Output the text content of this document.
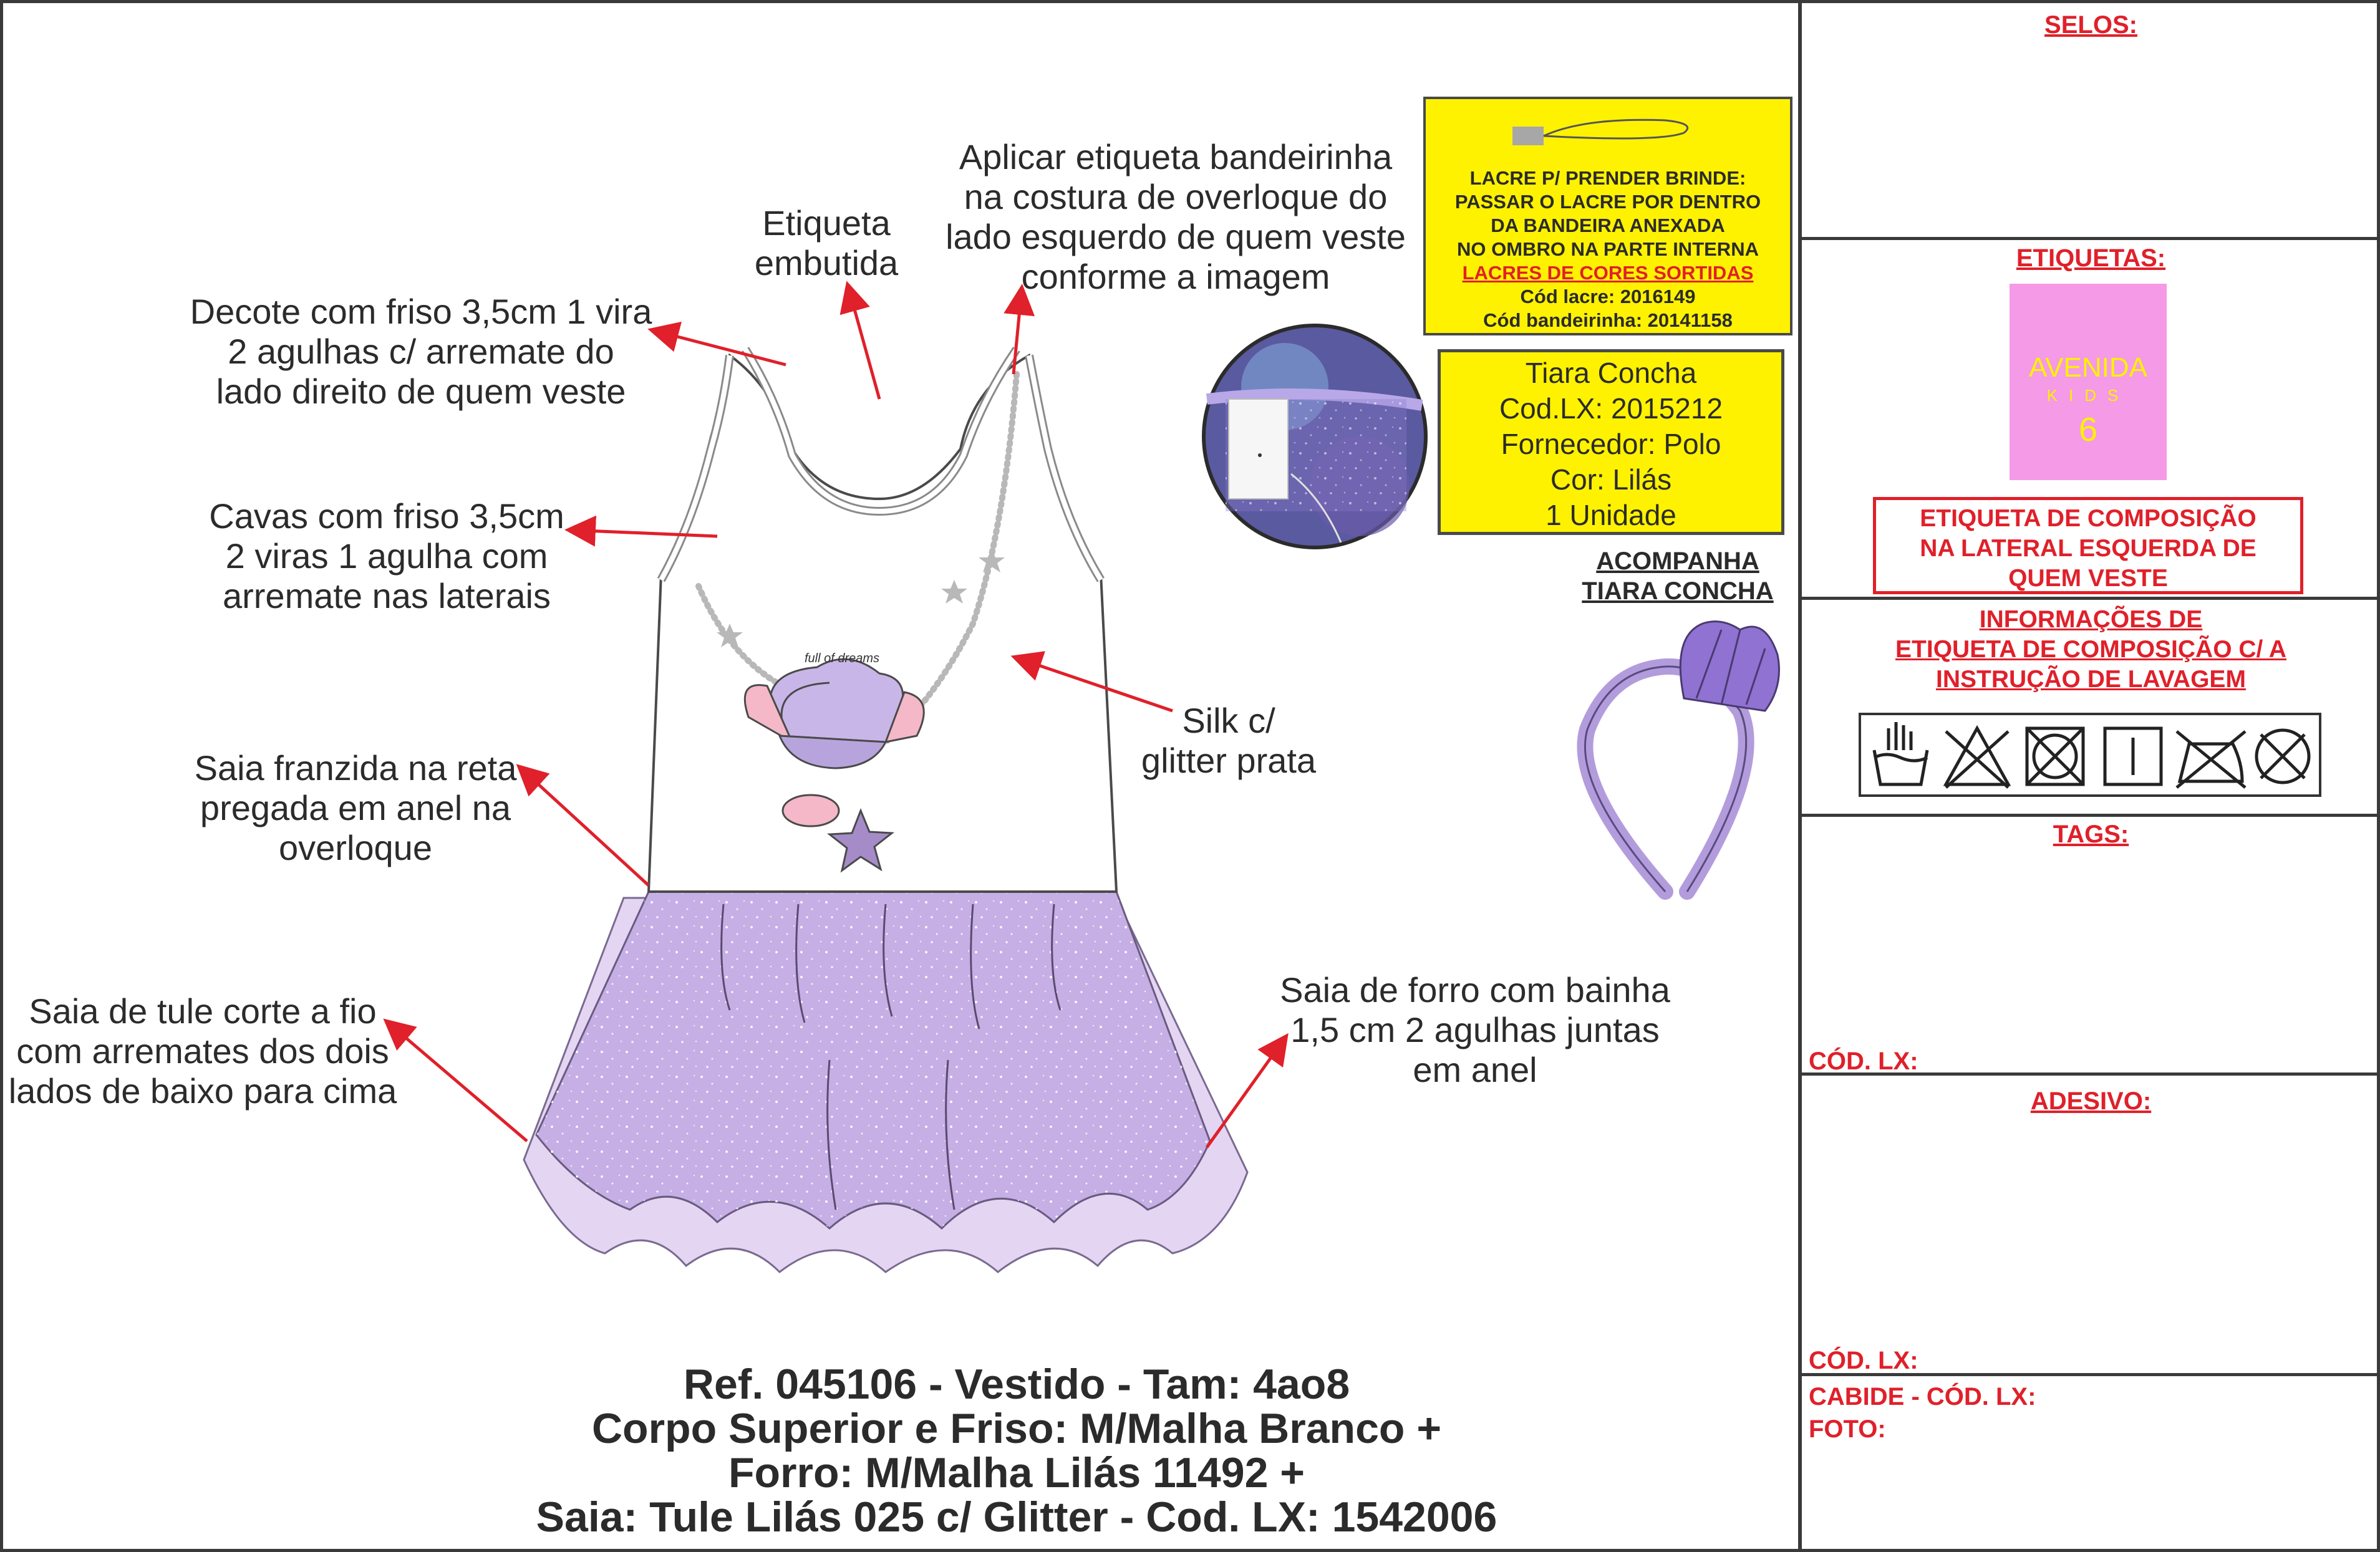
full of dreams
Decote com friso 3,5cm 1 vira
2 agulhas c/ arremate do
lado direito de quem veste
Etiqueta
embutida
Aplicar etiqueta bandeirinha
na costura de overloque do
lado esquerdo de quem veste
conforme a imagem
Cavas com friso 3,5cm
2 viras 1 agulha com
arremate nas laterais
Silk c/
glitter prata
Saia franzida na reta
pregada em anel na
overloque
Saia de tule corte a fio
com arremates dos dois
lados de baixo para cima
Saia de forro com bainha
1,5 cm 2 agulhas juntas
em anel
LACRE P/ PRENDER BRINDE:
PASSAR O LACRE POR DENTRO
DA BANDEIRA ANEXADA
NO OMBRO NA PARTE INTERNA
LACRES DE CORES SORTIDAS
Cód lacre: 2016149
Cód bandeirinha: 20141158
Tiara Concha
Cod.LX: 2015212
Fornecedor: Polo
Cor: Lilás
1 Unidade
ACOMPANHA
TIARA CONCHA
Ref. 045106 - Vestido - Tam: 4ao8
Corpo Superior e Friso: M/Malha Branco +
Forro: M/Malha Lilás 11492 +
Saia: Tule Lilás 025 c/ Glitter - Cod. LX: 1542006
SELOS:
ETIQUETAS:
AVENIDA
KIDS
6
ETIQUETA DE COMPOSIÇÃO
NA LATERAL ESQUERDA DE
QUEM VESTE
INFORMAÇÕES DE
ETIQUETA DE COMPOSIÇÃO C/ A
INSTRUÇÃO DE LAVAGEM
TAGS:
CÓD. LX:
ADESIVO:
CÓD. LX:
CABIDE - CÓD. LX:
FOTO:
